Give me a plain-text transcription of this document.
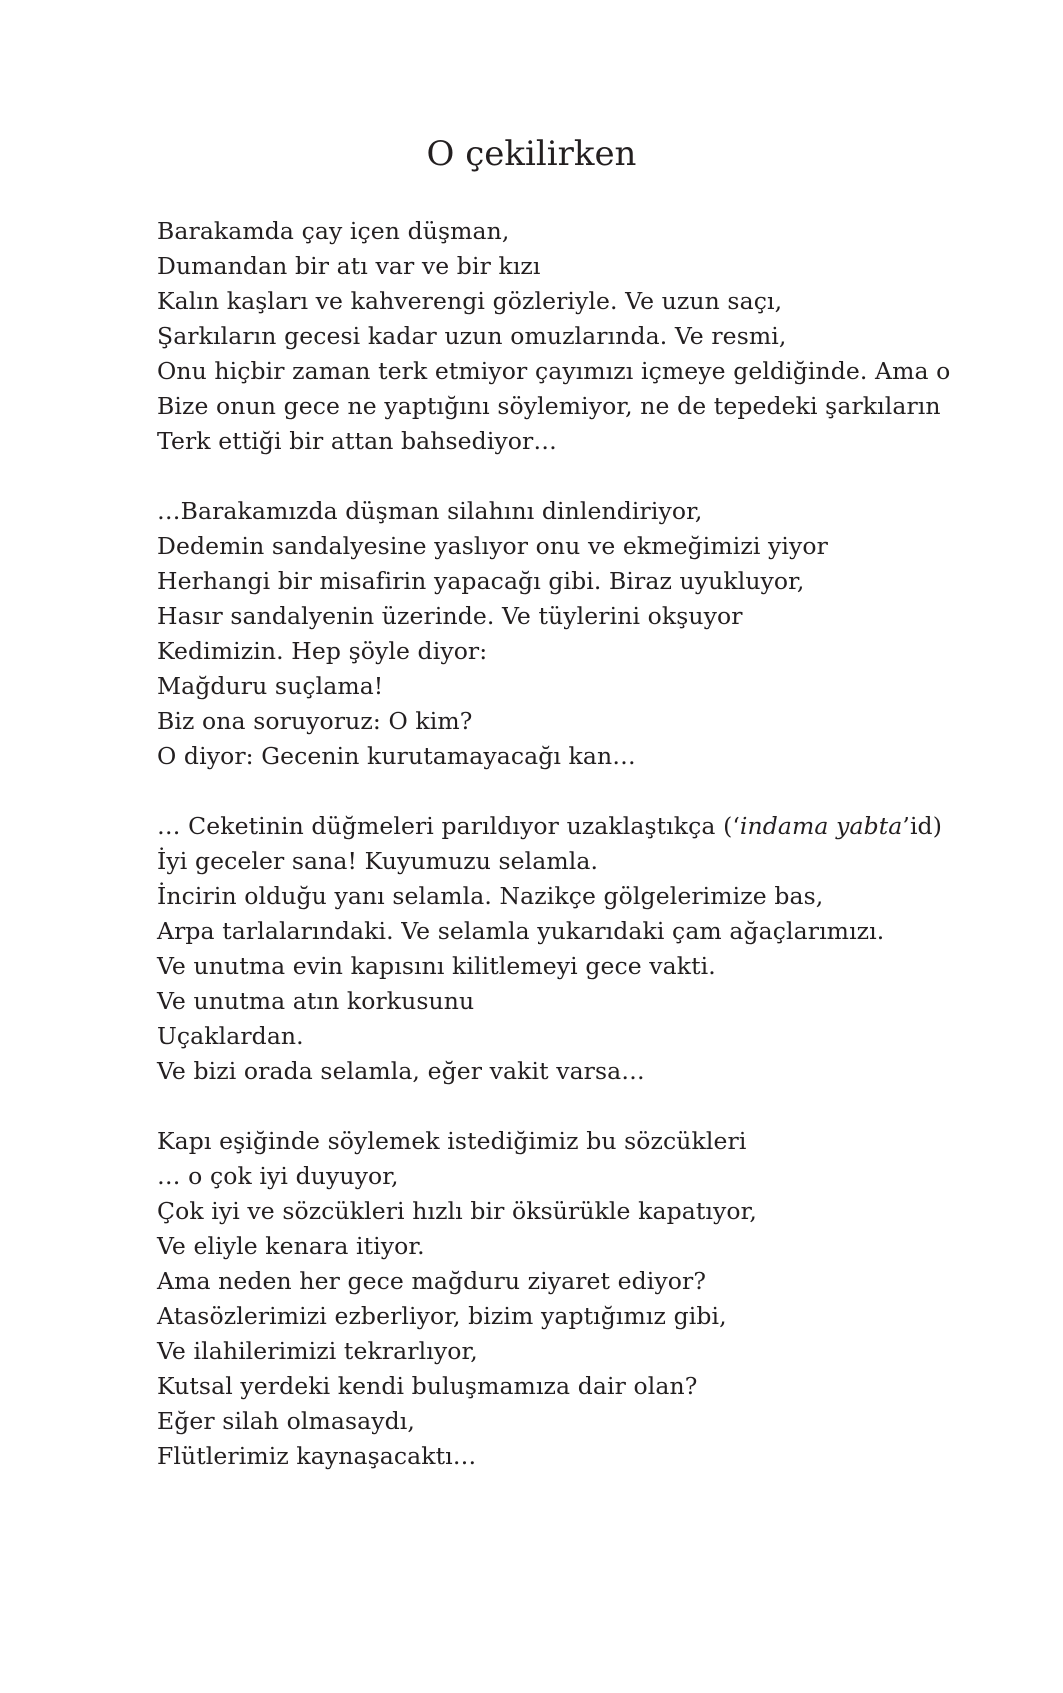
O çekilirken
Barakamda çay içen düşman,
Dumandan bir atı var ve bir kızı
Kalın kaşları ve kahverengi gözleriyle. Ve uzun saçı,
Şarkıların gecesi kadar uzun omuzlarında. Ve resmi,
Onu hiçbir zaman terk etmiyor çayımızı içmeye geldiğinde. Ama o
Bize onun gece ne yaptığını söylemiyor, ne de tepedeki şarkıların
Terk ettiği bir attan bahsediyor…
…Barakamızda düşman silahını dinlendiriyor,
Dedemin sandalyesine yaslıyor onu ve ekmeğimizi yiyor
Herhangi bir misafirin yapacağı gibi. Biraz uyukluyor,
Hasır sandalyenin üzerinde. Ve tüylerini okşuyor
Kedimizin. Hep şöyle diyor:
Mağduru suçlama!
Biz ona soruyoruz: O kim?
O diyor: Gecenin kurutamayacağı kan…
… Ceketinin düğmeleri parıldıyor uzaklaştıkça (‘indama yabta’id)
İyi geceler sana! Kuyumuzu selamla.
İncirin olduğu yanı selamla. Nazikçe gölgelerimize bas,
Arpa tarlalarındaki. Ve selamla yukarıdaki çam ağaçlarımızı.
Ve unutma evin kapısını kilitlemeyi gece vakti.
Ve unutma atın korkusunu
Uçaklardan.
Ve bizi orada selamla, eğer vakit varsa…
Kapı eşiğinde söylemek istediğimiz bu sözcükleri
… o çok iyi duyuyor,
Çok iyi ve sözcükleri hızlı bir öksürükle kapatıyor,
Ve eliyle kenara itiyor.
Ama neden her gece mağduru ziyaret ediyor?
Atasözlerimizi ezberliyor, bizim yaptığımız gibi,
Ve ilahilerimizi tekrarlıyor,
Kutsal yerdeki kendi buluşmamıza dair olan?
Eğer silah olmasaydı,
Flütlerimiz kaynaşacaktı…
